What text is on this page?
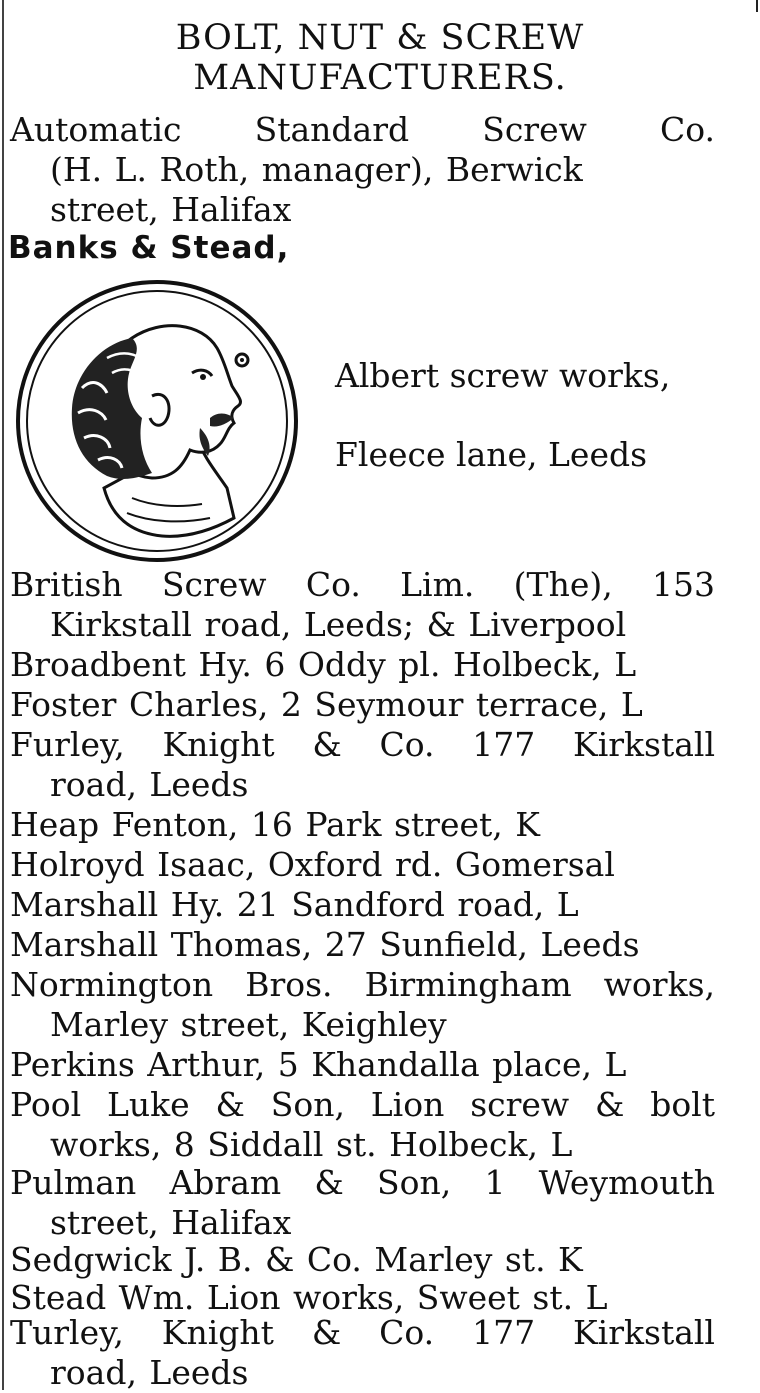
BOLT, NUT & SCREW
MANUFACTURERS.
Automatic Standard Screw Co.
(H. L. Roth, manager), Berwick
street, Halifax
Banks & Stead,
Albert screw works,
Fleece lane, Leeds
British Screw Co. Lim. (The), 153
Kirkstall road, Leeds; & Liverpool
Broadbent Hy. 6 Oddy pl. Holbeck, L
Foster Charles, 2 Seymour terrace, L
Furley, Knight & Co. 177 Kirkstall
road, Leeds
Heap Fenton, 16 Park street, K
Holroyd Isaac, Oxford rd. Gomersal
Marshall Hy. 21 Sandford road, L
Marshall Thomas, 27 Sunfield, Leeds
Normington Bros. Birmingham works,
Marley street, Keighley
Perkins Arthur, 5 Khandalla place, L
Pool Luke & Son, Lion screw & bolt
works, 8 Siddall st. Holbeck, L
Pulman Abram & Son, 1 Weymouth
street, Halifax
Sedgwick J. B. & Co. Marley st. K
Stead Wm. Lion works, Sweet st. L
Turley, Knight & Co. 177 Kirkstall
road, Leeds
